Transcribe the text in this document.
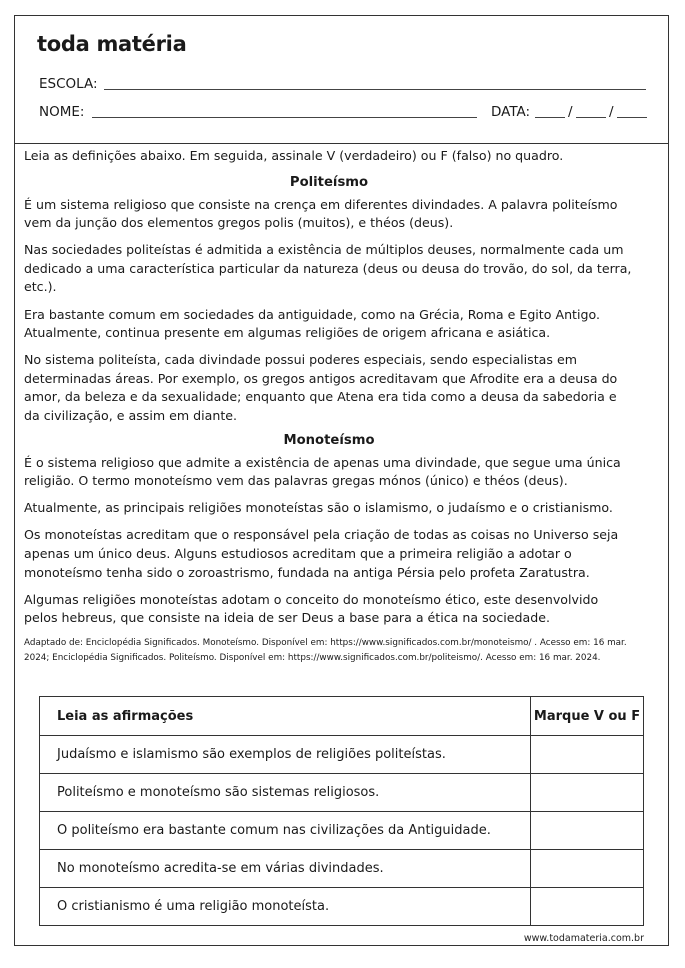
toda matéria
ESCOLA:
NOME:	DATA:	/	/

Leia as definições abaixo. Em seguida, assinale V (verdadeiro) ou F (falso) no quadro.

Politeísmo

É um sistema religioso que consiste na crença em diferentes divindades. A palavra politeísmo vem da junção dos elementos gregos polis (muitos), e théos (deus).

Nas sociedades politeístas é admitida a existência de múltiplos deuses, normalmente cada um dedicado a uma característica particular da natureza (deus ou deusa do trovão, do sol, da terra, etc.).

Era bastante comum em sociedades da antiguidade, como na Grécia, Roma e Egito Antigo. Atualmente, continua presente em algumas religiões de origem africana e asiática.

No sistema politeísta, cada divindade possui poderes especiais, sendo especialistas em determinadas áreas. Por exemplo, os gregos antigos acreditavam que Afrodite era a deusa do amor, da beleza e da sexualidade; enquanto que Atena era tida como a deusa da sabedoria e da civilização, e assim em diante.

Monoteísmo

É o sistema religioso que admite a existência de apenas uma divindade, que segue uma única religião. O termo monoteísmo vem das palavras gregas mónos (único) e théos (deus).

Atualmente, as principais religiões monoteístas são o islamismo, o judaísmo e o cristianismo.

Os monoteístas acreditam que o responsável pela criação de todas as coisas no Universo seja apenas um único deus. Alguns estudiosos acreditam que a primeira religião a adotar o monoteísmo tenha sido o zoroastrismo, fundada na antiga Pérsia pelo profeta Zaratustra.

Algumas religiões monoteístas adotam o conceito do monoteísmo ético, este desenvolvido pelos hebreus, que consiste na ideia de ser Deus a base para a ética na sociedade.

Adaptado de: Enciclopédia Significados. Monoteísmo. Disponível em: https://www.significados.com.br/monoteismo/ . Acesso em: 16 mar. 2024; Enciclopédia Significados. Politeísmo. Disponível em: https://www.significados.com.br/politeismo/. Acesso em: 16 mar. 2024.

Leia as afirmações	Marque V ou F
Judaísmo e islamismo são exemplos de religiões politeístas.	
Politeísmo e monoteísmo são sistemas religiosos.	
O politeísmo era bastante comum nas civilizações da Antiguidade.	
No monoteísmo acredita-se em várias divindades.	
O cristianismo é uma religião monoteísta.	
www.todamateria.com.br
